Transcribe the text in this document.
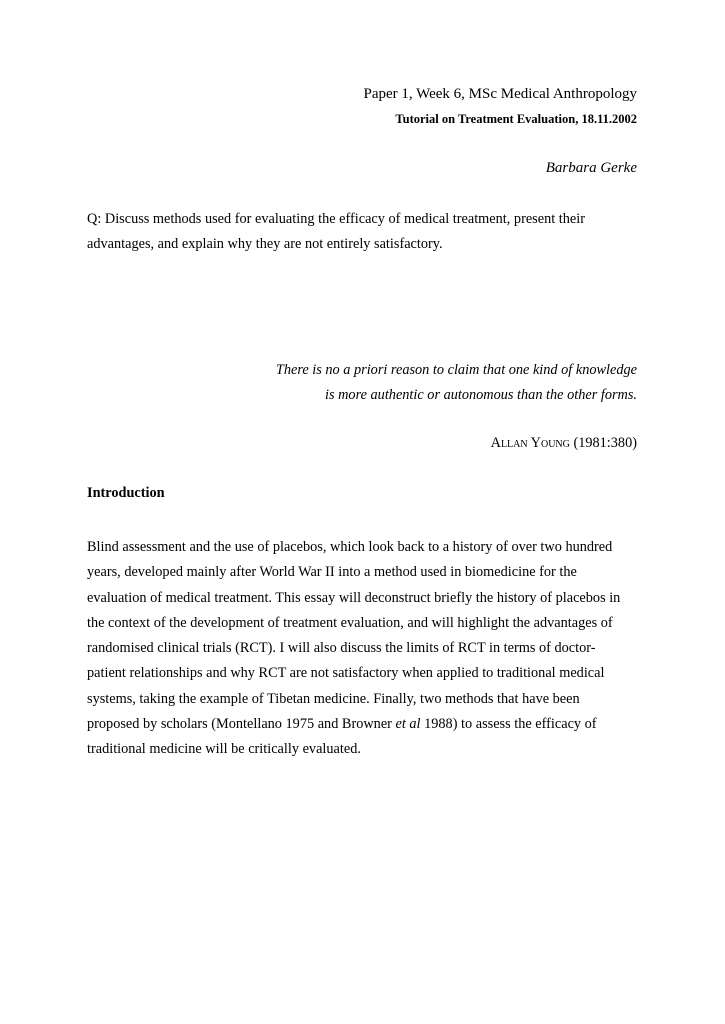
Paper 1, Week 6, MSc Medical Anthropology
Tutorial on Treatment Evaluation, 18.11.2002
Barbara Gerke
Q: Discuss methods used for evaluating the efficacy of medical treatment, present their advantages, and explain why they are not entirely satisfactory.
There is no a priori reason to claim that one kind of knowledge
is more authentic or autonomous than the other forms.
Allan Young (1981:380)
Introduction
Blind assessment and the use of placebos, which look back to a history of over two hundred
years, developed mainly after World War II into a method used in biomedicine for the
evaluation of medical treatment. This essay will deconstruct briefly the history of placebos in
the context of the development of treatment evaluation, and will highlight the advantages of
randomised clinical trials (RCT). I will also discuss the limits of RCT in terms of doctor-
patient relationships and why RCT are not satisfactory when applied to traditional medical
systems, taking the example of Tibetan medicine. Finally, two methods that have been
proposed by scholars (Montellano 1975 and Browner et al 1988) to assess the efficacy of
traditional medicine will be critically evaluated.
